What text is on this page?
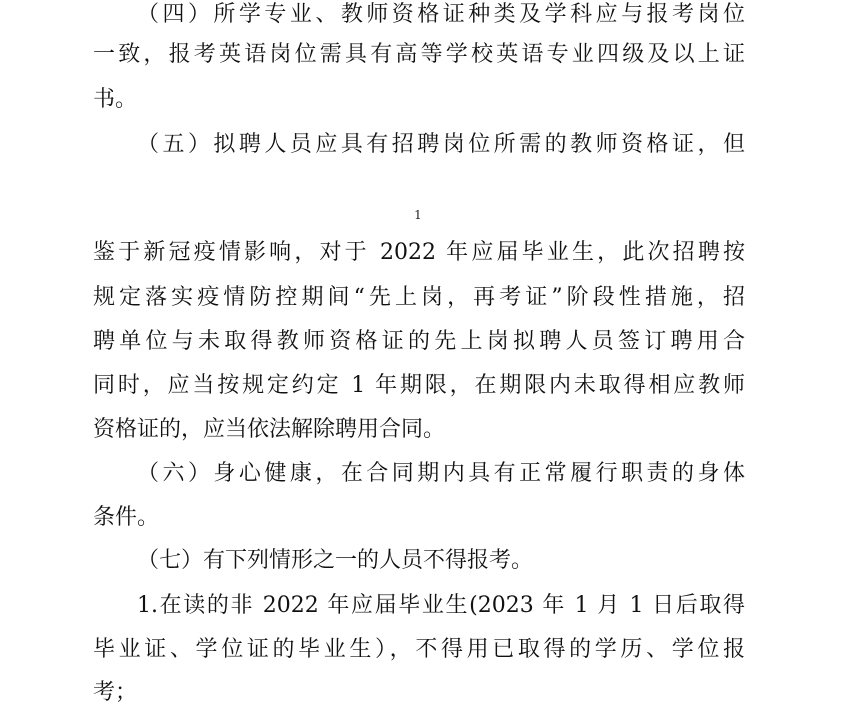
（四）所学专业、教师资格证种类及学科应与报考岗位
一致，报考英语岗位需具有高等学校英语专业四级及以上证
书。
（五）拟聘人员应具有招聘岗位所需的教师资格证，但
1
鉴于新冠疫情影响，对于 2022 年应届毕业生，此次招聘按
规定落实疫情防控期间“先上岗，再考证”阶段性措施，招
聘单位与未取得教师资格证的先上岗拟聘人员签订聘用合
同时，应当按规定约定 1 年期限，在期限内未取得相应教师
资格证的，应当依法解除聘用合同。
（六）身心健康，在合同期内具有正常履行职责的身体
条件。
（七）有下列情形之一的人员不得报考。
1.在读的非 2022 年应届毕业生(2023 年 1 月 1 日后取得
毕业证、学位证的毕业生），不得用已取得的学历、学位报
考；
